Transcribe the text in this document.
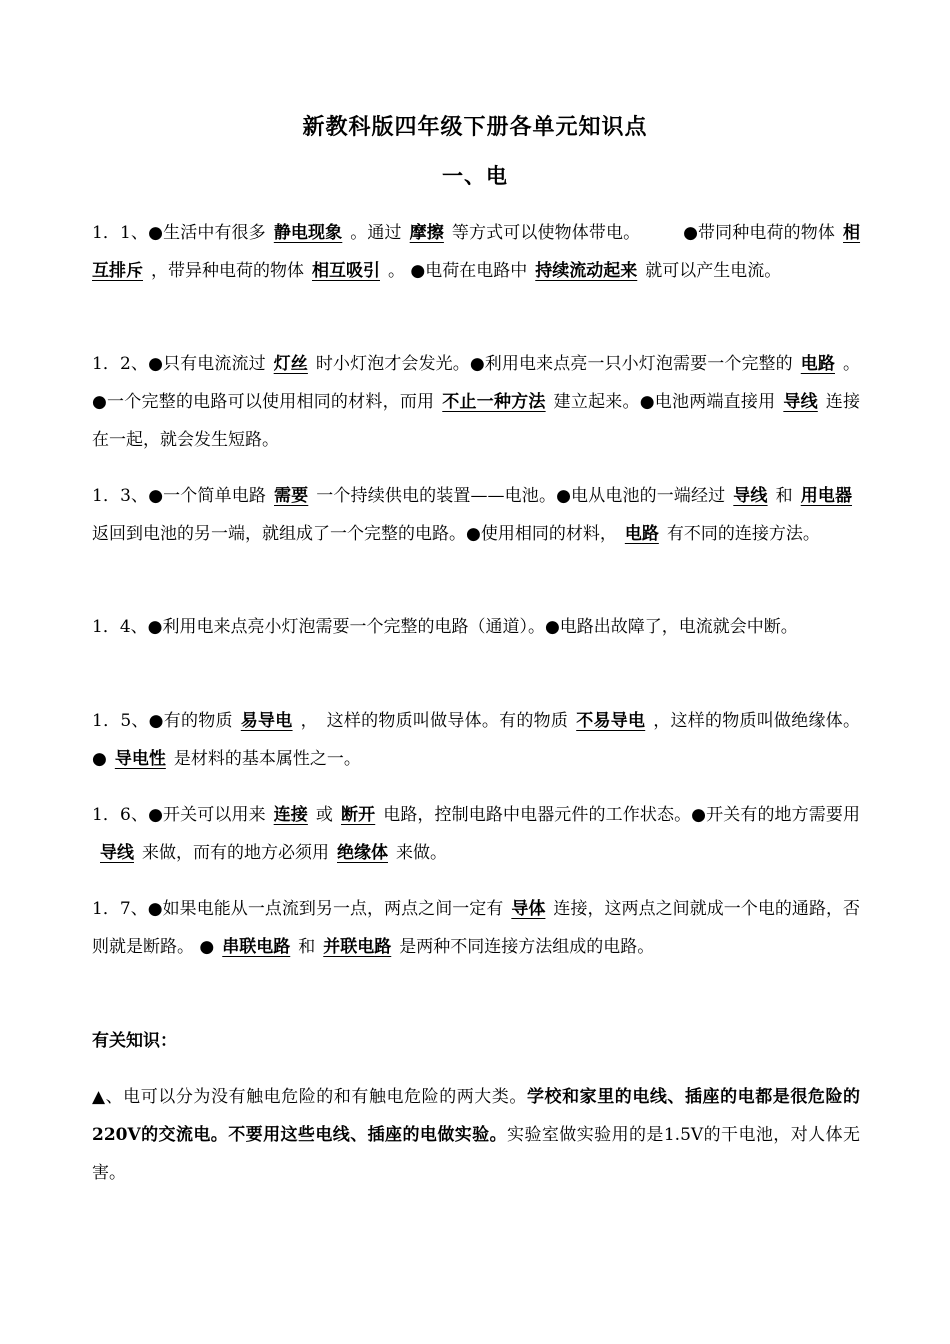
新教科版四年级下册各单元知识点
一、电
1．1、●生活中有很多 静电现象 。通过 摩擦 等方式可以使物体带电。　　　●带同种电荷的物体 相互排斥 ，带异种电荷的物体 相互吸引 。 ●电荷在电路中 持续流动起来 就可以产生电流。
1．2、●只有电流流过 灯丝 时小灯泡才会发光。●利用电来点亮一只小灯泡需要一个完整的 电路 。●一个完整的电路可以使用相同的材料，而用 不止一种方法 建立起来。●电池两端直接用 导线 连接在一起，就会发生短路。
1．3、●一个简单电路 需要 一个持续供电的装置——电池。●电从电池的一端经过 导线 和 用电器返回到电池的另一端，就组成了一个完整的电路。●使用相同的材料， 电路 有不同的连接方法。
1．4、●利用电来点亮小灯泡需要一个完整的电路（通道）。●电路出故障了，电流就会中断。
1．5、●有的物质 易导电 ，　这样的物质叫做导体。有的物质 不易导电 ，这样的物质叫做绝缘体。● 导电性 是材料的基本属性之一。
1．6、●开关可以用来 连接 或 断开 电路，控制电路中电器元件的工作状态。●开关有的地方需要用导线 来做，而有的地方必须用 绝缘体 来做。
1．7、●如果电能从一点流到另一点，两点之间一定有 导体 连接，这两点之间就成一个电的通路，否则就是断路。 ● 串联电路 和 并联电路 是两种不同连接方法组成的电路。
有关知识：
▲、电可以分为没有触电危险的和有触电危险的两大类。学校和家里的电线、插座的电都是很危险的220V的交流电。不要用这些电线、插座的电做实验。实验室做实验用的是1.5V的干电池，对人体无害。
